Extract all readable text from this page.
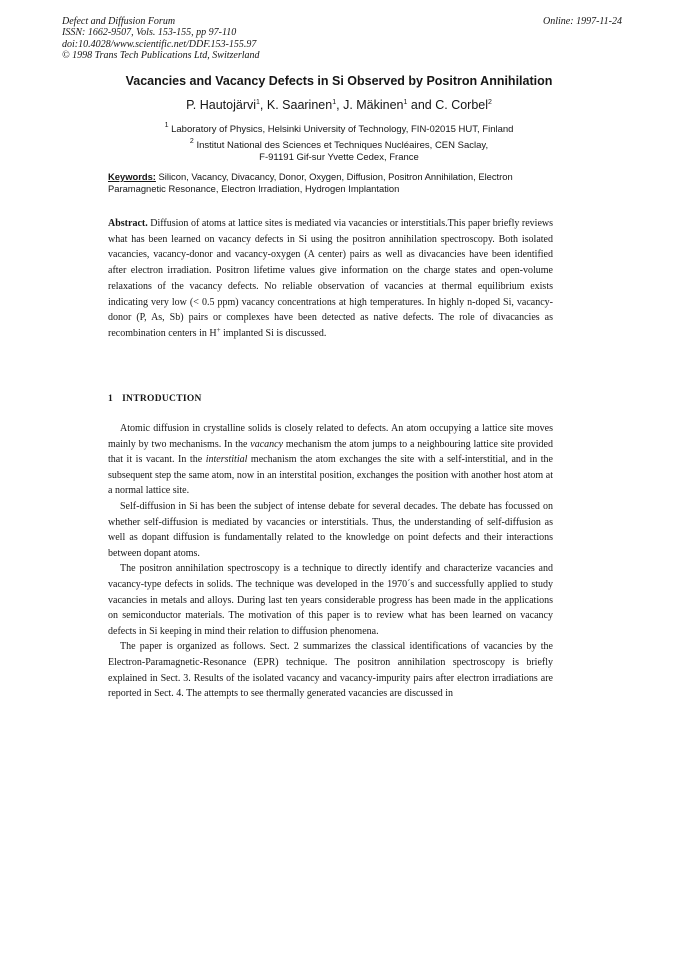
Defect and Diffusion Forum
ISSN: 1662-9507, Vols. 153-155, pp 97-110
doi:10.4028/www.scientific.net/DDF.153-155.97
© 1998 Trans Tech Publications Ltd, Switzerland
Online: 1997-11-24
Vacancies and Vacancy Defects in Si Observed by Positron Annihilation
P. Hautojärvi$^1$, K. Saarinen$^1$, J. Mäkinen$^1$ and C. Corbel$^2$
$^1$ Laboratory of Physics, Helsinki University of Technology, FIN-02015 HUT, Finland
$^2$ Institut National des Sciences et Techniques Nucléaires, CEN Saclay,
F-91191 Gif-sur Yvette Cedex, France
Keywords: Silicon, Vacancy, Divacancy, Donor, Oxygen, Diffusion, Positron Annihilation, Electron Paramagnetic Resonance, Electron Irradiation, Hydrogen Implantation
Abstract. Diffusion of atoms at lattice sites is mediated via vacancies or interstitials.This paper briefly reviews what has been learned on vacancy defects in Si using the positron annihilation spectroscopy. Both isolated vacancies, vacancy-donor and vacancy-oxygen (A center) pairs as well as divacancies have been identified after electron irradiation. Positron lifetime values give information on the charge states and open-volume relaxations of the vacancy defects. No reliable observation of vacancies at thermal equilibrium exists indicating very low (< 0.5 ppm) vacancy concentrations at high temperatures. In highly n-doped Si, vacancy-donor (P, As, Sb) pairs or complexes have been detected as native defects. The role of divacancies as recombination centers in H+ implanted Si is discussed.
1 INTRODUCTION

Atomic diffusion in crystalline solids is closely related to defects. An atom occupying a lattice site moves mainly by two mechanisms. In the vacancy mechanism the atom jumps to a neighbouring lattice site provided that it is vacant. In the interstitial mechanism the atom exchanges the site with a self-interstitial, and in the subsequent step the same atom, now in an interstital position, exchanges the position with another host atom at a normal lattice site.

Self-diffusion in Si has been the subject of intense debate for several decades. The debate has focussed on whether self-diffusion is mediated by vacancies or interstitials. Thus, the understanding of self-diffusion as well as dopant diffusion is fundamentally related to the knowledge on point defects and their interactions between dopant atoms.

The positron annihilation spectroscopy is a technique to directly identify and characterize vacancies and vacancy-type defects in solids. The technique was developed in the 1970´s and successfully applied to study vacancies in metals and alloys. During last ten years considerable progress has been made in the applications on semiconductor materials. The motivation of this paper is to review what has been learned on vacancy defects in Si keeping in mind their relation to diffusion phenomena.

The paper is organized as follows. Sect. 2 summarizes the classical identifications of vacancies by the Electron-Paramagnetic-Resonance (EPR) technique. The positron annihilation spectroscopy is briefly explained in Sect. 3. Results of the isolated vacancy and vacancy-impurity pairs after electron irradiations are reported in Sect. 4. The attempts to see thermally generated vacancies are discussed in
